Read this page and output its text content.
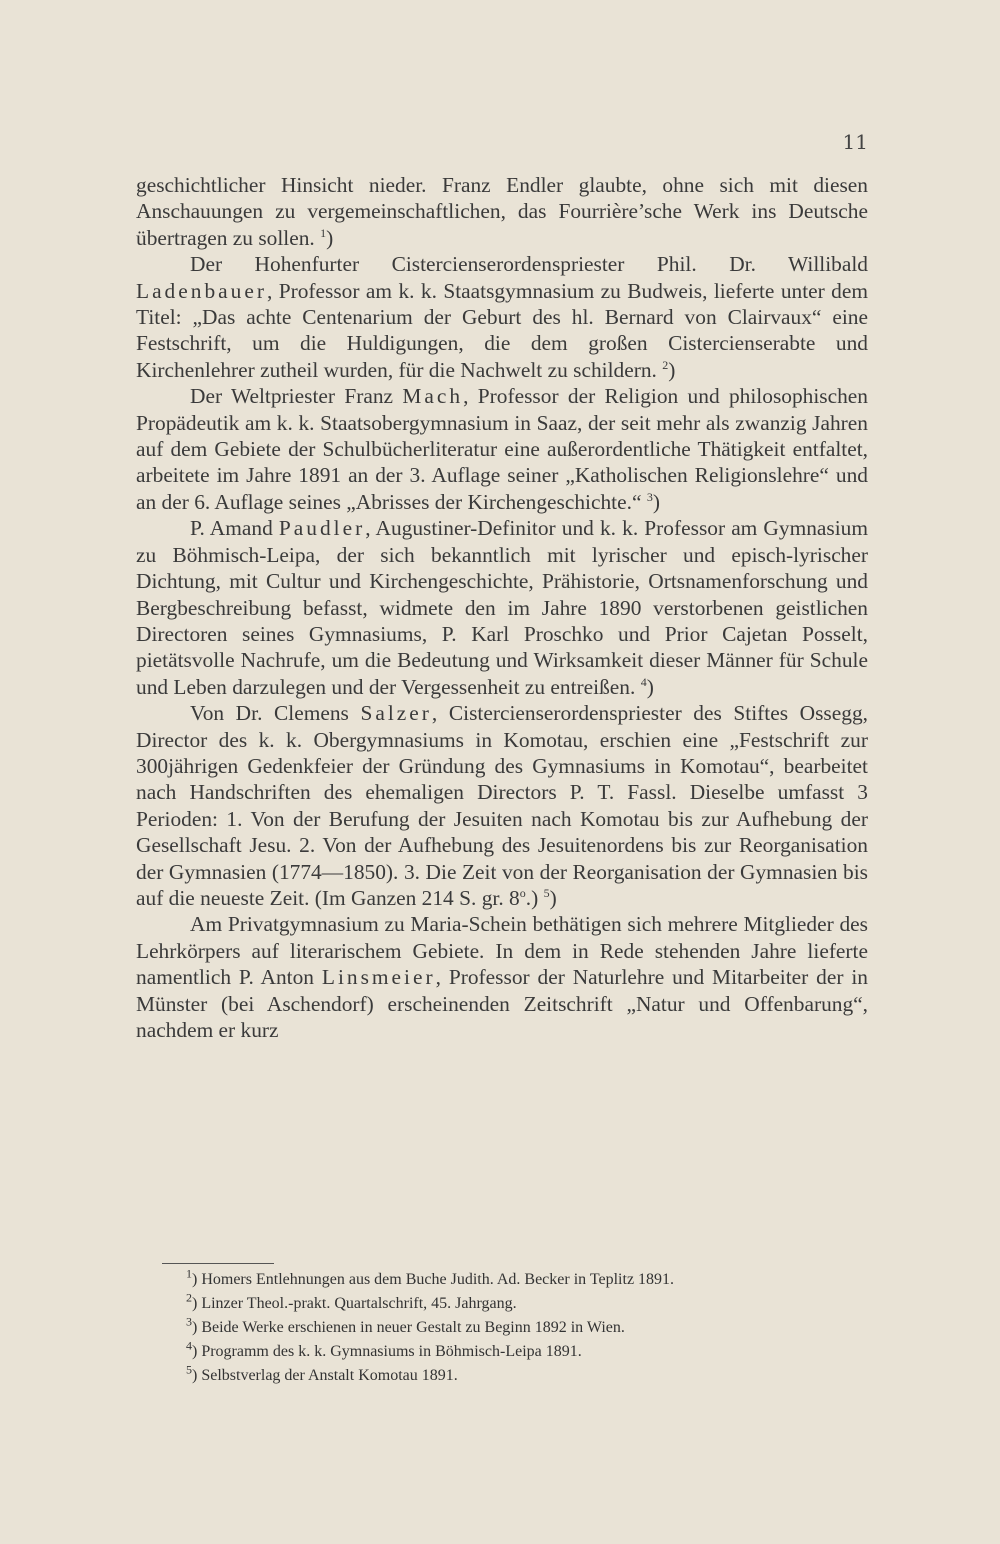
11

geschichtlicher Hinsicht nieder. Franz Endler glaubte, ohne sich mit diesen Anschauungen zu vergemeinschaftlichen, das Fourrière’sche Werk ins Deutsche übertragen zu sollen. $^1$)

Der Hohenfurter Cistercienserordenspriester Phil. Dr. Willibald Ladenbauer, Professor am k. k. Staatsgymnasium zu Budweis, lieferte unter dem Titel: „Das achte Centenarium der Geburt des hl. Bernard von Clairvaux“ eine Festschrift, um die Huldigungen, die dem großen Cistercienserabte und Kirchenlehrer zutheil wurden, für die Nachwelt zu schildern. $^2$)

Der Weltpriester Franz Mach, Professor der Religion und philosophischen Propädeutik am k. k. Staatsobergymnasium in Saaz, der seit mehr als zwanzig Jahren auf dem Gebiete der Schulbücherliteratur eine außerordentliche Thätigkeit entfaltet, arbeitete im Jahre 1891 an der 3. Auflage seiner „Katholischen Religionslehre“ und an der 6. Auflage seines „Abrisses der Kirchengeschichte.“ $^3$)

P. Amand Paudler, Augustiner-Definitor und k. k. Professor am Gymnasium zu Böhmisch-Leipa, der sich bekanntlich mit lyrischer und episch-lyrischer Dichtung, mit Cultur und Kirchengeschichte, Prähistorie, Ortsnamenforschung und Bergbeschreibung befasst, widmete den im Jahre 1890 verstorbenen geistlichen Directoren seines Gymnasiums, P. Karl Proschko und Prior Cajetan Posselt, pietätsvolle Nachrufe, um die Bedeutung und Wirksamkeit dieser Männer für Schule und Leben darzulegen und der Vergessenheit zu entreißen. $^4$)

Von Dr. Clemens Salzer, Cistercienserordenspriester des Stiftes Ossegg, Director des k. k. Obergymnasiums in Komotau, erschien eine „Festschrift zur 300jährigen Gedenkfeier der Gründung des Gymnasiums in Komotau“, bearbeitet nach Handschriften des ehemaligen Directors P. T. Fassl. Dieselbe umfasst 3 Perioden: 1. Von der Berufung der Jesuiten nach Komotau bis zur Aufhebung der Gesellschaft Jesu. 2. Von der Aufhebung des Jesuitenordens bis zur Reorganisation der Gymnasien (1774—1850). 3. Die Zeit von der Reorganisation der Gymnasien bis auf die neueste Zeit. (Im Ganzen 214 S. gr. 8$^o$.) $^5$)

Am Privatgymnasium zu Maria-Schein bethätigen sich mehrere Mitglieder des Lehrkörpers auf literarischem Gebiete. In dem in Rede stehenden Jahre lieferte namentlich P. Anton Linsmeier, Professor der Naturlehre und Mitarbeiter der in Münster (bei Aschendorf) erscheinenden Zeitschrift „Natur und Offenbarung“, nachdem er kurz

$^1$) Homers Entlehnungen aus dem Buche Judith. Ad. Becker in Teplitz 1891.
$^2$) Linzer Theol.-prakt. Quartalschrift, 45. Jahrgang.
$^3$) Beide Werke erschienen in neuer Gestalt zu Beginn 1892 in Wien.
$^4$) Programm des k. k. Gymnasiums in Böhmisch-Leipa 1891.
$^5$) Selbstverlag der Anstalt Komotau 1891.
